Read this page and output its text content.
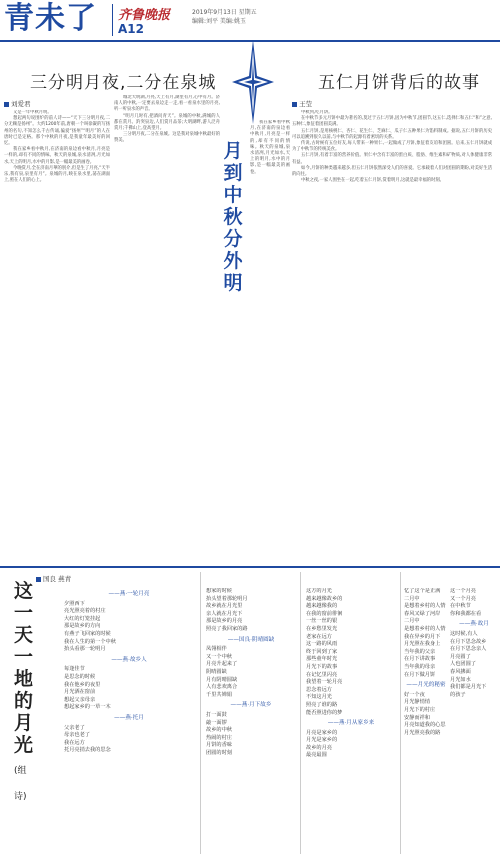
青未了 齐鲁晚报
A12
2019年9月13日 星期五
编辑:刘平 美编:姚玉
三分明月夜,二分在泉城	五仁月饼背后的故事
刘爱君	王莹
月到中秋分外明

又是一年中秋月明。

想起两句说围炉的前人诗——“天下三分明月夜,二分无赖是扬州”。大约1200年前,唐朝一个叫徐凝的写扬州的名句,不知怎么千古传诵,偏爱“扬州”“明月”的人在唐时已是定格。那个中秋的月夜,是我童年最美好的回忆。

我在家乡看中秋月,在济南的泉边看中秋月,月亮是一样的,却有不同的情味。秋天的泉城,泉水清冽,月光如水,天上的明月,水中的月影,是一幅最美的画卷。

今晚赏月,全在济南月華的别介,但是生了月亮,“天半乐,我有泉,泉里有月”。泉城的月,映在泉水里,荡在湖面上,照在人们的心上。

城北大明湖,月亮,天上有月,湖里有月,心中有月。济南人的中秋,一定要去泉边走一走,看一看泉水里的月亮,听一听泉水的声音。

“明月几时有,把酒问青天”。泉城的中秋,满城的人都在赏月。趵突泉边,人们赏月品茶;大明湖畔,游人泛舟赏月;千佛山上,登高望月。

三分明月夜,二分在泉城。这是我对泉城中秋最好的赞美。

我在家乡看中秋月,在济南的泉边看中秋月,月亮是一样的,却有不同的情味。秋天的泉城,泉水清冽,月光如水,天上的明月,水中的月影,是一幅最美的画卷。

中秋到,吃月饼。

在中秋节多元月饼中最为著名的,莫过于五仁月饼,因为中秋节,团圆节,这五仁,选择仁和五仁“和”之意,五种仁,象征着团圆美满。

五仁月饼,是用核桃仁、杏仁、花生仁、芝麻仁、瓜子仁五种果仁为馅料制成。据说,五仁月饼的历史可以追溯到很久以前,与中秋节的起源有着密切的关系。

传说,古时候有五位好友,每人带来一种果仁,一起做成了月饼,象征着友谊和团圆。后来,五仁月饼就成为了中秋节的传统美食。

五仁月饼,有着丰富的营养价值。果仁中含有丰富的蛋白质、脂肪、维生素和矿物质,对人体健康非常有益。

如今,月饼的种类越来越多,但五仁月饼依然深受人们的喜爱。它承载着人们对团圆的期盼,对美好生活的向往。

中秋之夜,一家人围坐在一起,吃着五仁月饼,赏着明月,这就是最幸福的时刻。

国良 燕青
这一天一地的月光 (组诗)
——燕·一轮月亮
夕照西下
亮光照亮着的村庄
大红的灯笼挂起
那是故乡的方向
有燕子飞回家的时候
我在人生的第一个中秋
抬头看那一轮明月
——燕·故乡人
每逢佳节
是思念的时候
我在他乡的夜里
月光洒在窗前
想起父亲母亲
想起家乡的一草一木
——燕·托月
父亲老了
母亲也老了
我在远方
托月亮捎去我的思念
想家的时候
抬头望着那轮明月
故乡就在月光里
亲人就在月光下
那是故乡的月亮
照亮了我回家的路
——国良·阴晴圆缺
凤翎相伴
又一个中秋
月亮升起来了
阴晴圆缺
月有阴晴圆缺
人有悲欢离合
千里共婵娟
——燕·月下故乡
打一面鼓
敲一面锣
故乡的中秋
热闹的村庄
月饼的香味
团圆的时刻
这方的月光
越来越像故乡的
越来越像我的
在我的窗前徘徊
一丝一丝的银
在乡愁里发光
老家在远方
这一路的风雨
终于回到了家
那些童年时光
月光下的故事
在记忆里闪亮
我望着一轮月亮
思念着远方
不知这月光
照亮了谁的路
能否照进你的梦
——燕·月从家乡来
月亮是家乡的
月光是家乡的
故乡的月亮
最亮最圆
忆了这个是正满
二月中
是想着乡村的人情
春风又绿了河岸
二月中
是想着乡村的人情
我在异乡的月下
月光照在我身上
当年我的父亲
在月下讲故事
当年我的母亲
在月下做月饼
——月光的秘密
好一个夜
月光静悄悄
月光下的村庄
安静而祥和
月亮知道我的心思
月光照亮我的路
这一个月亮
又一个月亮
在中秋节
你和我都在看
——燕·故月
这时候,有人
在月下思念故乡
在月下思念亲人
月亮圆了
人也团圆了
春风拂面
月光如水
我们都是月光下
的孩子
